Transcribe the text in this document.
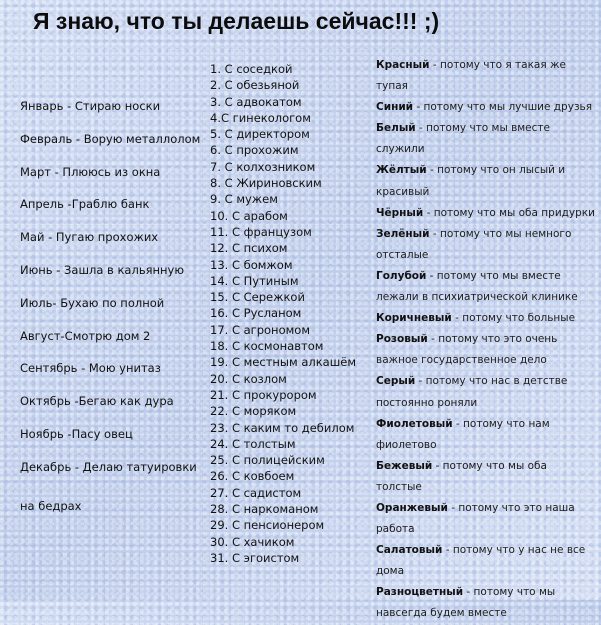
Я знаю, что ты делаешь сейчас!!! ;)
Январь - Стираю носки
Февраль - Ворую металлолом
Март - Плююсь из окна
Апрель -Граблю банк
Май - Пугаю прохожих
Июнь - Зашла в кальянную
Июль- Бухаю по полной
Август-Смотрю дом 2
Сентябрь - Мою унитаз
Октябрь -Бегаю как дура
Ноябрь -Пасу овец
Декабрь - Делаю татуировки
на бедрах
1. С соседкой
2. С обезьяной
3. С адвокатом
4.С гинекологом
5. С директором
6. С прохожим
7. С колхозником
8. С Жириновским
9. С мужем
10. С арабом
11. С французом
12. С психом
13. С бомжом
14. С Путиным
15. С Сережкой
16. С Русланом
17. С агрономом
18. С космонавтом
19. С местным алкашём
20. С козлом
21. С прокурором
22. С моряком
23. С каким то дебилом
24. С толстым
25. С полицейским
26. С ковбоем
27. С садистом
28. С наркоманом
29. С пенсионером
30. С хачиком
31. С эгоистом
Красный - потому что я такая же тупая
Синий - потому что мы лучшие друзья
Белый - потому что мы вместе служили
Жёлтый - потому что он лысый и красивый
Чёрный - потому что мы оба придурки
Зелёный - потому что мы немного отсталые
Голубой - потому что мы вместе лежали в психиатрической клинике
Коричневый - потому что больные
Розовый - потому что это очень важное государственное дело
Серый - потому что нас в детстве постоянно роняли
Фиолетовый - потому что нам фиолетово
Бежевый - потому что мы оба толстые
Оранжевый - потому что это наша работа
Салатовый - потому что у нас не все дома
Разноцветный - потому что мы навсегда будем вместе
